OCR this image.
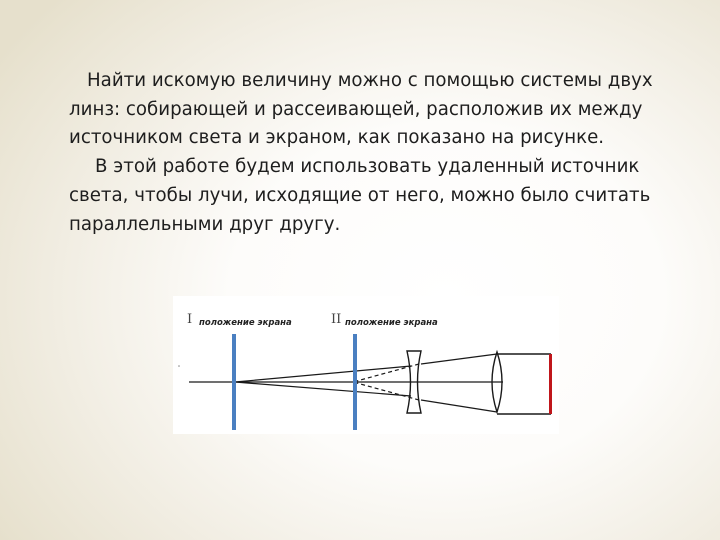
Найти искомую величину можно с помощью системы двух линз: собирающей и рассеивающей, расположив их между источником света и экраном, как показано на рисунке.

В этой работе будем использовать удаленный источник света, чтобы лучи, исходящие от него, можно было считать параллельными друг другу.

I положение экрана	II положение экрана
